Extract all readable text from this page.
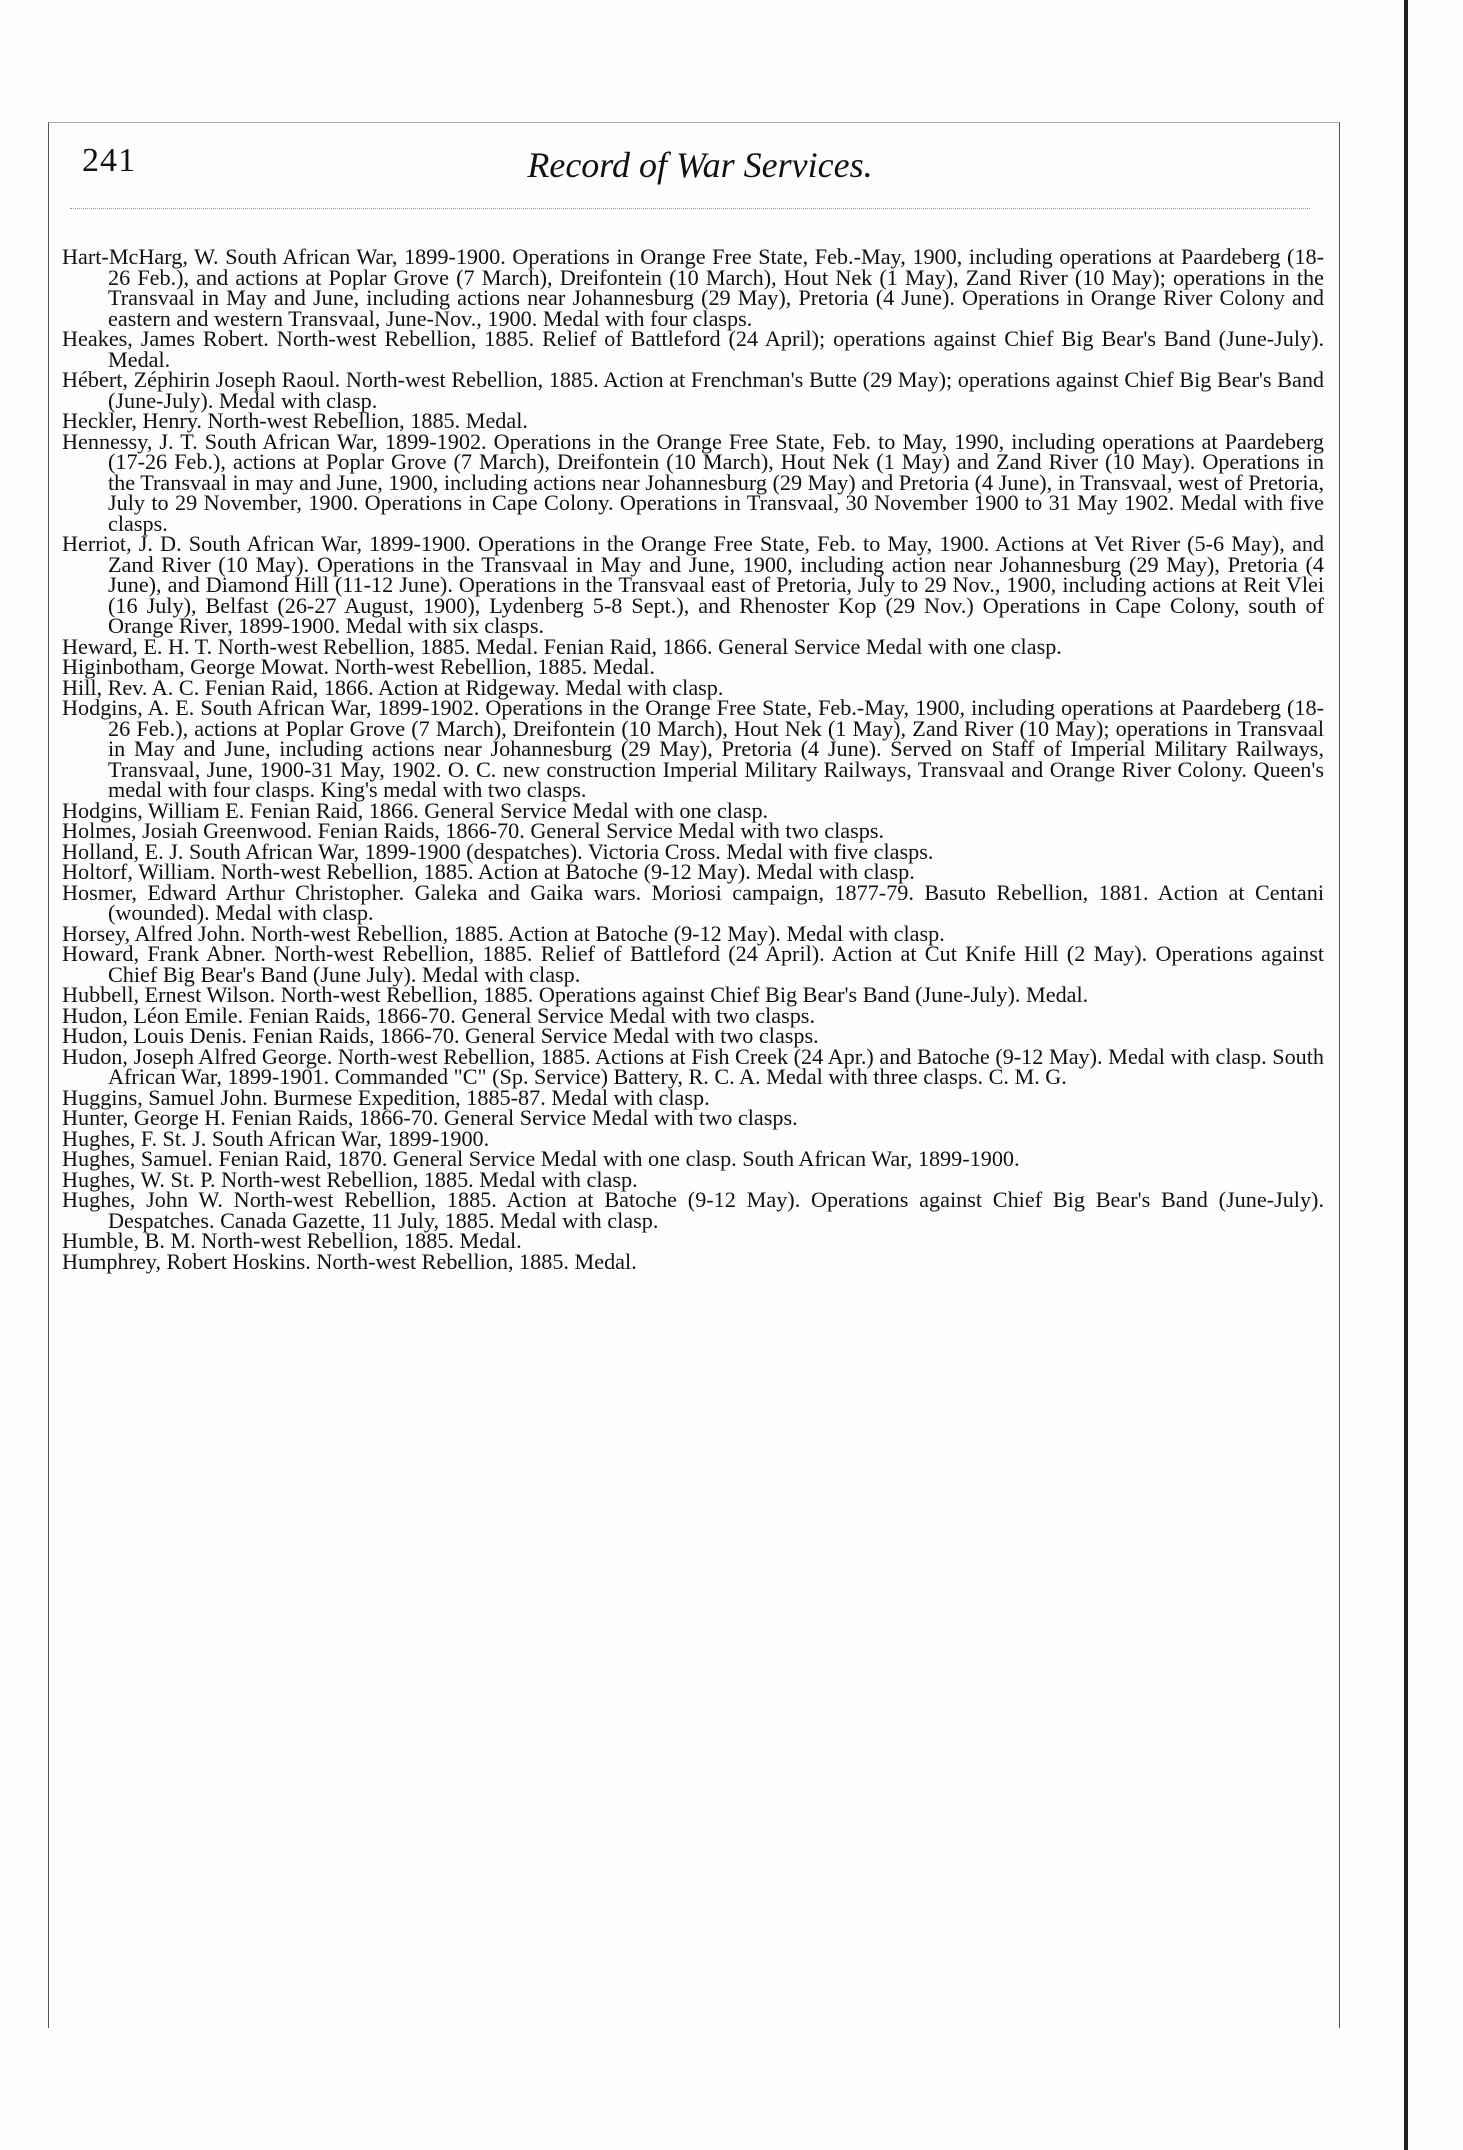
241	Record of War Services.
Hart-McHarg, W. South African War, 1899-1900. Operations in Orange Free State, Feb.-May, 1900, including operations at Paardeberg (18-26 Feb.), and actions at Poplar Grove (7 March), Dreifontein (10 March), Hout Nek (1 May), Zand River (10 May); operations in the Transvaal in May and June, including actions near Johannesburg (29 May), Pretoria (4 June). Operations in Orange River Colony and eastern and western Transvaal, June-Nov., 1900. Medal with four clasps.
Heakes, James Robert. North-west Rebellion, 1885. Relief of Battleford (24 April); operations against Chief Big Bear's Band (June-July). Medal.
Hébert, Zéphirin Joseph Raoul. North-west Rebellion, 1885. Action at Frenchman's Butte (29 May); operations against Chief Big Bear's Band (June-July). Medal with clasp.
Heckler, Henry. North-west Rebellion, 1885. Medal.
Hennessy, J. T. South African War, 1899-1902. Operations in the Orange Free State, Feb. to May, 1990, including operations at Paardeberg (17-26 Feb.), actions at Poplar Grove (7 March), Dreifontein (10 March), Hout Nek (1 May) and Zand River (10 May). Operations in the Transvaal in may and June, 1900, including actions near Johannesburg (29 May) and Pretoria (4 June), in Transvaal, west of Pretoria, July to 29 November, 1900. Operations in Cape Colony. Operations in Transvaal, 30 November 1900 to 31 May 1902. Medal with five clasps.
Herriot, J. D. South African War, 1899-1900. Operations in the Orange Free State, Feb. to May, 1900. Actions at Vet River (5-6 May), and Zand River (10 May). Operations in the Transvaal in May and June, 1900, including action near Johannesburg (29 May), Pretoria (4 June), and Diamond Hill (11-12 June). Operations in the Transvaal east of Pretoria, July to 29 Nov., 1900, including actions at Reit Vlei (16 July), Belfast (26-27 August, 1900), Lydenberg 5-8 Sept.), and Rhenoster Kop (29 Nov.) Operations in Cape Colony, south of Orange River, 1899-1900. Medal with six clasps.
Heward, E. H. T. North-west Rebellion, 1885. Medal. Fenian Raid, 1866. General Service Medal with one clasp.
Higinbotham, George Mowat. North-west Rebellion, 1885. Medal.
Hill, Rev. A. C. Fenian Raid, 1866. Action at Ridgeway. Medal with clasp.
Hodgins, A. E. South African War, 1899-1902. Operations in the Orange Free State, Feb.-May, 1900, including operations at Paardeberg (18-26 Feb.), actions at Poplar Grove (7 March), Dreifontein (10 March), Hout Nek (1 May), Zand River (10 May); operations in Transvaal in May and June, including actions near Johannesburg (29 May), Pretoria (4 June). Served on Staff of Imperial Military Railways, Transvaal, June, 1900-31 May, 1902. O. C. new construction Imperial Military Railways, Transvaal and Orange River Colony. Queen's medal with four clasps. King's medal with two clasps.
Hodgins, William E. Fenian Raid, 1866. General Service Medal with one clasp.
Holmes, Josiah Greenwood. Fenian Raids, 1866-70. General Service Medal with two clasps.
Holland, E. J. South African War, 1899-1900 (despatches). Victoria Cross. Medal with five clasps.
Holtorf, William. North-west Rebellion, 1885. Action at Batoche (9-12 May). Medal with clasp.
Hosmer, Edward Arthur Christopher. Galeka and Gaika wars. Moriosi campaign, 1877-79. Basuto Rebellion, 1881. Action at Centani (wounded). Medal with clasp.
Horsey, Alfred John. North-west Rebellion, 1885. Action at Batoche (9-12 May). Medal with clasp.
Howard, Frank Abner. North-west Rebellion, 1885. Relief of Battleford (24 April). Action at Cut Knife Hill (2 May). Operations against Chief Big Bear's Band (June July). Medal with clasp.
Hubbell, Ernest Wilson. North-west Rebellion, 1885. Operations against Chief Big Bear's Band (June-July). Medal.
Hudon, Léon Emile. Fenian Raids, 1866-70. General Service Medal with two clasps.
Hudon, Louis Denis. Fenian Raids, 1866-70. General Service Medal with two clasps.
Hudon, Joseph Alfred George. North-west Rebellion, 1885. Actions at Fish Creek (24 Apr.) and Batoche (9-12 May). Medal with clasp. South African War, 1899-1901. Commanded "C" (Sp. Service) Battery, R. C. A. Medal with three clasps. C. M. G.
Huggins, Samuel John. Burmese Expedition, 1885-87. Medal with clasp.
Hunter, George H. Fenian Raids, 1866-70. General Service Medal with two clasps.
Hughes, F. St. J. South African War, 1899-1900.
Hughes, Samuel. Fenian Raid, 1870. General Service Medal with one clasp. South African War, 1899-1900.
Hughes, W. St. P. North-west Rebellion, 1885. Medal with clasp.
Hughes, John W. North-west Rebellion, 1885. Action at Batoche (9-12 May). Operations against Chief Big Bear's Band (June-July). Despatches. Canada Gazette, 11 July, 1885. Medal with clasp.
Humble, B. M. North-west Rebellion, 1885. Medal.
Humphrey, Robert Hoskins. North-west Rebellion, 1885. Medal.
